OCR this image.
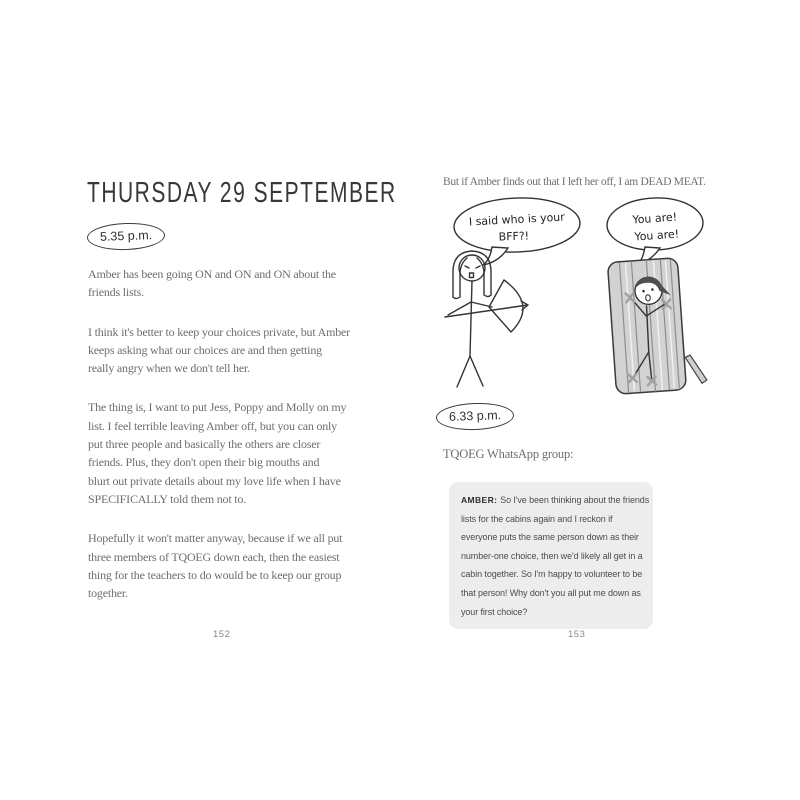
THURSDAY 29 SEPTEMBER
5.35 p.m.
Amber has been going ON and ON and ON about the
friends lists.
I think it's better to keep your choices private, but Amber
keeps asking what our choices are and then getting
really angry when we don't tell her.
The thing is, I want to put Jess, Poppy and Molly on my
list. I feel terrible leaving Amber off, but you can only
put three people and basically the others are closer
friends. Plus, they don't open their big mouths and
blurt out private details about my love life when I have
SPECIFICALLY told them not to.
Hopefully it won't matter anyway, because if we all put
three members of TQOEG down each, then the easiest
thing for the teachers to do would be to keep our group
together.
152
But if Amber finds out that I left her off, I am DEAD MEAT.
I said who is your
BFF?!
You are!
You are!
6.33 p.m.
TQOEG WhatsApp group:
AMBER: So I've been thinking about the friends
lists for the cabins again and I reckon if
everyone puts the same person down as their
number-one choice, then we'd likely all get in a
cabin together. So I'm happy to volunteer to be
that person! Why don't you all put me down as
your first choice?
153
